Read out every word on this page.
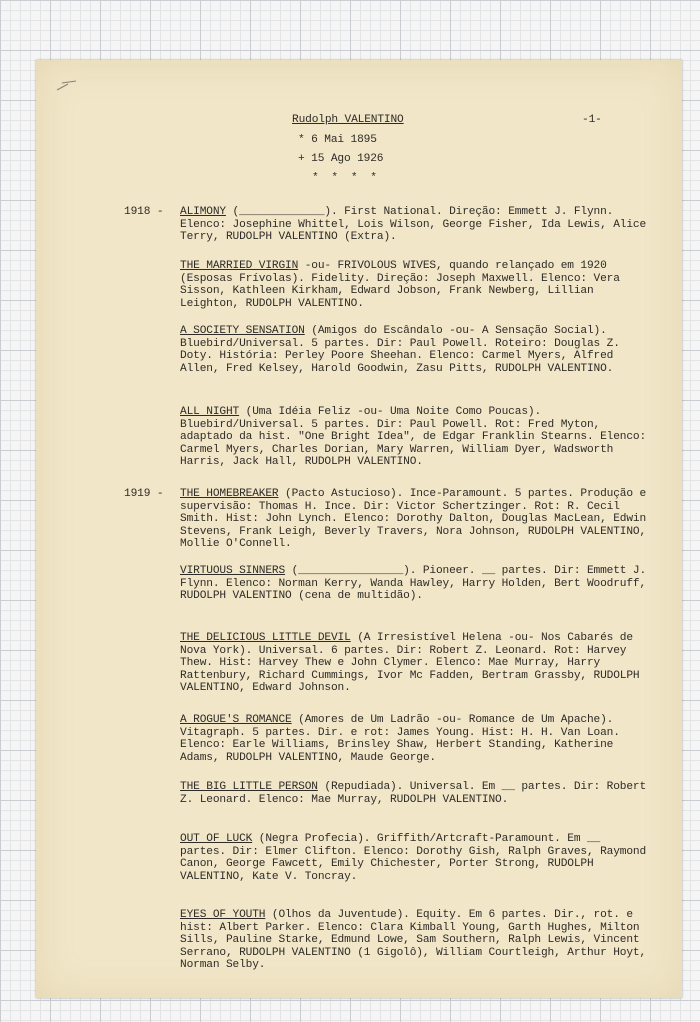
Rudolph VALENTINO	-1-
* 6 Mai 1895
+ 15 Ago 1926
* * * *
1918 - ALIMONY (_____________). First National. Direção: Emmett J. Flynn. Elenco: Josephine Whittel, Lois Wilson, George Fisher, Ida Lewis, Alice Terry, RUDOLPH VALENTINO (Extra).

THE MARRIED VIRGIN -ou- FRIVOLOUS WIVES, quando relançado em 1920 (Esposas Frívolas). Fidelity. Direção: Joseph Maxwell. Elenco: Vera Sisson, Kathleen Kirkham, Edward Jobson, Frank Newberg, Lillian Leighton, RUDOLPH VALENTINO.

A SOCIETY SENSATION (Amigos do Escândalo -ou- A Sensação Social). Bluebird/Universal. 5 partes. Dir: Paul Powell. Roteiro: Douglas Z. Doty. História: Perley Poore Sheehan. Elenco: Carmel Myers, Alfred Allen, Fred Kelsey, Harold Goodwin, Zasu Pitts, RUDOLPH VALENTINO.

ALL NIGHT (Uma Idéia Feliz -ou- Uma Noite Como Poucas). Bluebird/Universal. 5 partes. Dir: Paul Powell. Rot: Fred Myton, adaptado da hist. "One Bright Idea", de Edgar Franklin Stearns. Elenco: Carmel Myers, Charles Dorian, Mary Warren, William Dyer, Wadsworth Harris, Jack Hall, RUDOLPH VALENTINO.

1919 - THE HOMEBREAKER (Pacto Astucioso). Ince-Paramount. 5 partes. Produção e supervisão: Thomas H. Ince. Dir: Victor Schertzinger. Rot: R. Cecil Smith. Hist: John Lynch. Elenco: Dorothy Dalton, Douglas MacLean, Edwin Stevens, Frank Leigh, Beverly Travers, Nora Johnson, RUDOLPH VALENTINO, Mollie O'Connell.

VIRTUOUS SINNERS (________________). Pioneer. __ partes. Dir: Emmett J. Flynn. Elenco: Norman Kerry, Wanda Hawley, Harry Holden, Bert Woodruff, RUDOLPH VALENTINO (cena de multidão).

THE DELICIOUS LITTLE DEVIL (A Irresistível Helena -ou- Nos Cabarés de Nova York). Universal. 6 partes. Dir: Robert Z. Leonard. Rot: Harvey Thew. Hist: Harvey Thew e John Clymer. Elenco: Mae Murray, Harry Rattenbury, Richard Cummings, Ivor Mc Fadden, Bertram Grassby, RUDOLPH VALENTINO, Edward Johnson.

A ROGUE'S ROMANCE (Amores de Um Ladrão -ou- Romance de Um Apache). Vitagraph. 5 partes. Dir. e rot: James Young. Hist: H. H. Van Loan. Elenco: Earle Williams, Brinsley Shaw, Herbert Standing, Katherine Adams, RUDOLPH VALENTINO, Maude George.

THE BIG LITTLE PERSON (Repudiada). Universal. Em __ partes. Dir: Robert Z. Leonard. Elenco: Mae Murray, RUDOLPH VALENTINO.

OUT OF LUCK (Negra Profecia). Griffith/Artcraft-Paramount. Em __ partes. Dir: Elmer Clifton. Elenco: Dorothy Gish, Ralph Graves, Raymond Canon, George Fawcett, Emily Chichester, Porter Strong, RUDOLPH VALENTINO, Kate V. Toncray.

EYES OF YOUTH (Olhos da Juventude). Equity. Em 6 partes. Dir., rot. e hist: Albert Parker. Elenco: Clara Kimball Young, Garth Hughes, Milton Sills, Pauline Starke, Edmund Lowe, Sam Southern, Ralph Lewis, Vincent Serrano, RUDOLPH VALENTINO (1 Gigolô), William Courtleigh, Arthur Hoyt, Norman Selby.
